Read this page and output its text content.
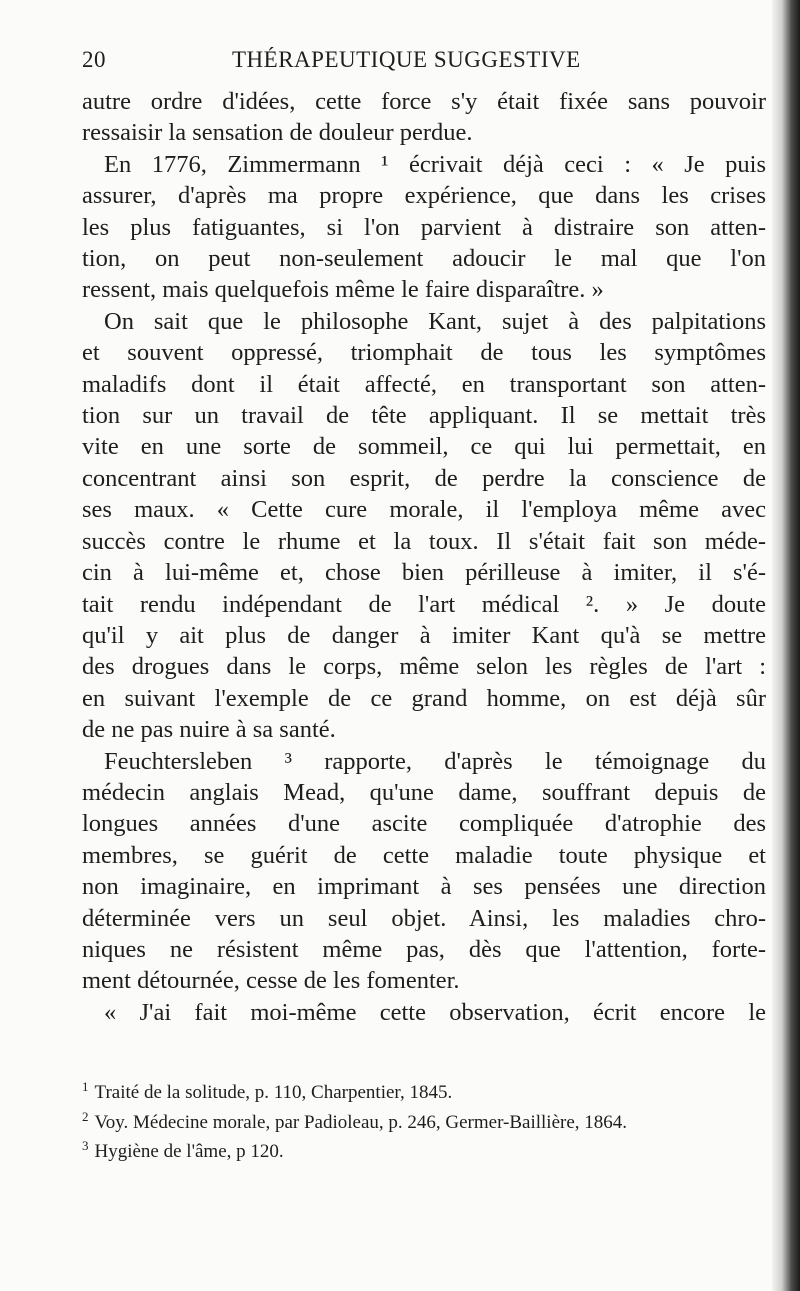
20	THÉRAPEUTIQUE SUGGESTIVE
autre ordre d'idées, cette force s'y était fixée sans pouvoir
ressaisir la sensation de douleur perdue.
En 1776, Zimmermann ¹ écrivait déjà ceci : « Je puis
assurer, d'après ma propre expérience, que dans les crises
les plus fatiguantes, si l'on parvient à distraire son atten-
tion, on peut non-seulement adoucir le mal que l'on
ressent, mais quelquefois même le faire disparaître. »
On sait que le philosophe Kant, sujet à des palpitations
et souvent oppressé, triomphait de tous les symptômes
maladifs dont il était affecté, en transportant son atten-
tion sur un travail de tête appliquant. Il se mettait très
vite en une sorte de sommeil, ce qui lui permettait, en
concentrant ainsi son esprit, de perdre la conscience de
ses maux. « Cette cure morale, il l'employa même avec
succès contre le rhume et la toux. Il s'était fait son méde-
cin à lui-même et, chose bien périlleuse à imiter, il s'é-
tait rendu indépendant de l'art médical ². » Je doute
qu'il y ait plus de danger à imiter Kant qu'à se mettre
des drogues dans le corps, même selon les règles de l'art :
en suivant l'exemple de ce grand homme, on est déjà sûr
de ne pas nuire à sa santé.
Feuchtersleben ³ rapporte, d'après le témoignage du
médecin anglais Mead, qu'une dame, souffrant depuis de
longues années d'une ascite compliquée d'atrophie des
membres, se guérit de cette maladie toute physique et
non imaginaire, en imprimant à ses pensées une direction
déterminée vers un seul objet. Ainsi, les maladies chro-
niques ne résistent même pas, dès que l'attention, forte-
ment détournée, cesse de les fomenter.
« J'ai fait moi-même cette observation, écrit encore le
$^1$ Traité de la solitude, p. 110, Charpentier, 1845.
$^2$ Voy. Médecine morale, par Padioleau, p. 246, Germer-Baillière, 1864.
$^3$ Hygiène de l'âme, p 120.
